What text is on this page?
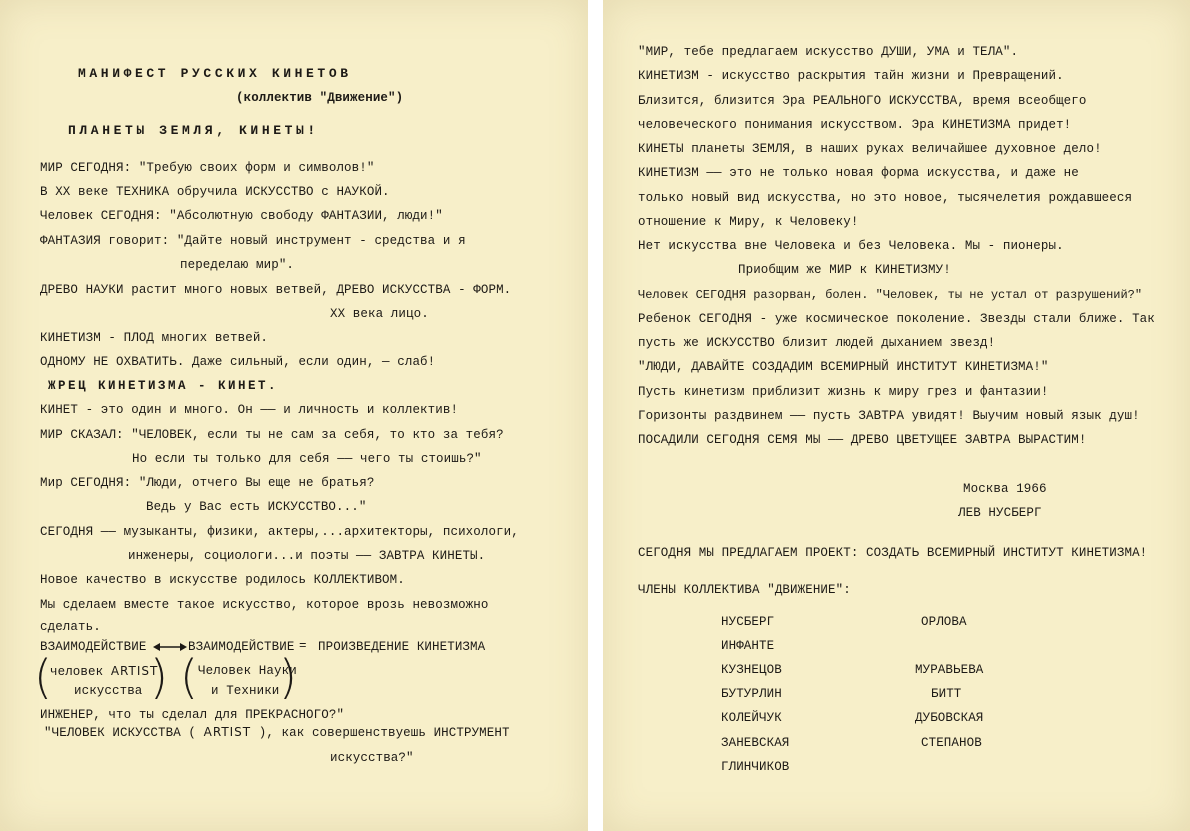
МАНИФЕСТ РУССКИХ КИНЕТОВ
(коллектив "Движение")
ПЛАНЕТЫ ЗЕМЛЯ, КИНЕТЫ!
МИР СЕГОДНЯ: "Требую своих форм и символов!"
В XX веке ТЕХНИКА обручила ИСКУССТВО с НАУКОЙ.
Человек СЕГОДНЯ: "Абсолютную свободу ФАНТАЗИИ, люди!"
ФАНТАЗИЯ говорит: "Дайте новый инструмент - средства и я
переделаю мир".
ДРЕВО НАУКИ растит много новых ветвей, ДРЕВО ИСКУССТВА - ФОРМ.
XX века лицо.
КИНЕТИЗМ - ПЛОД многих ветвей.
ОДНОМУ НЕ ОХВАТИТЬ. Даже сильный, если один, — слаб!
ЖРЕЦ КИНЕТИЗМА - КИНЕТ.
КИНЕТ - это один и много. Он —— и личность и коллектив!
МИР СКАЗАЛ: "ЧЕЛОВЕК, если ты не сам за себя, то кто за тебя?
Но если ты только для себя —— чего ты стоишь?"
Мир СЕГОДНЯ: "Люди, отчего Вы еще не братья?
Ведь у Вас есть ИСКУССТВО..."
СЕГОДНЯ —— музыканты, физики, актеры,...архитекторы, психологи,
инженеры, социологи...и поэты —— ЗАВТРА КИНЕТЫ.
Новое качество в искусстве родилось КОЛЛЕКТИВОМ.
Мы сделаем вместе такое искусство, которое врозь невозможно
сделать.
ВЗАИМОДЕЙСТВИЕ	ВЗАИМОДЕЙСТВИЕ = ПРОИЗВЕДЕНИЕ КИНЕТИЗМА
(
человек ARTIST
искусства ) ( Человек Науки
и Техники )
ИНЖЕНЕР, что ты сделал для ПРЕКРАСНОГО?"
"ЧЕЛОВЕК ИСКУССТВА ( ARTIST ), как совершенствуешь ИНСТРУМЕНТ
искусства?"
"МИР, тебе предлагаем искусство ДУШИ, УМА и ТЕЛА".
КИНЕТИЗМ - искусство раскрытия тайн жизни и Превращений.
Близится, близится Эра РЕАЛЬНОГО ИСКУССТВА, время всеобщего
человеческого понимания искусством. Эра КИНЕТИЗМА придет!
КИНЕТЫ планеты ЗЕМЛЯ, в наших руках величайшее духовное дело!
КИНЕТИЗМ —— это не только новая форма искусства, и даже не
только новый вид искусства, но это новое, тысячелетия рождавшееся
отношение к Миру, к Человеку!
Нет искусства вне Человека и без Человека. Мы - пионеры.
Приобщим же МИР к КИНЕТИЗМУ!
Человек СЕГОДНЯ разорван, болен. "Человек, ты не устал от разрушений?"
Ребенок СЕГОДНЯ - уже космическое поколение. Звезды стали ближе. Так
пусть же ИСКУССТВО близит людей дыханием звезд!
"ЛЮДИ, ДАВАЙТЕ СОЗДАДИМ ВСЕМИРНЫЙ ИНСТИТУТ КИНЕТИЗМА!"
Пусть кинетизм приблизит жизнь к миру грез и фантазии!
Горизонты раздвинем —— пусть ЗАВТРА увидят! Выучим новый язык душ!
ПОСАДИЛИ СЕГОДНЯ СЕМЯ МЫ —— ДРЕВО ЦВЕТУЩЕЕ ЗАВТРА ВЫРАСТИМ!
Москва 1966
ЛЕВ НУСБЕРГ
СЕГОДНЯ МЫ ПРЕДЛАГАЕМ ПРОЕКТ: СОЗДАТЬ ВСЕМИРНЫЙ ИНСТИТУТ КИНЕТИЗМА!
ЧЛЕНЫ КОЛЛЕКТИВА "ДВИЖЕНИЕ":
НУСБЕРГ
ИНФАНТЕ
КУЗНЕЦОВ
БУТУРЛИН
КОЛЕЙЧУК
ЗАНЕВСКАЯ
ГЛИНЧИКОВ
ОРЛОВА
МУРАВЬЕВА
БИТТ
ДУБОВСКАЯ
СТЕПАНОВ
